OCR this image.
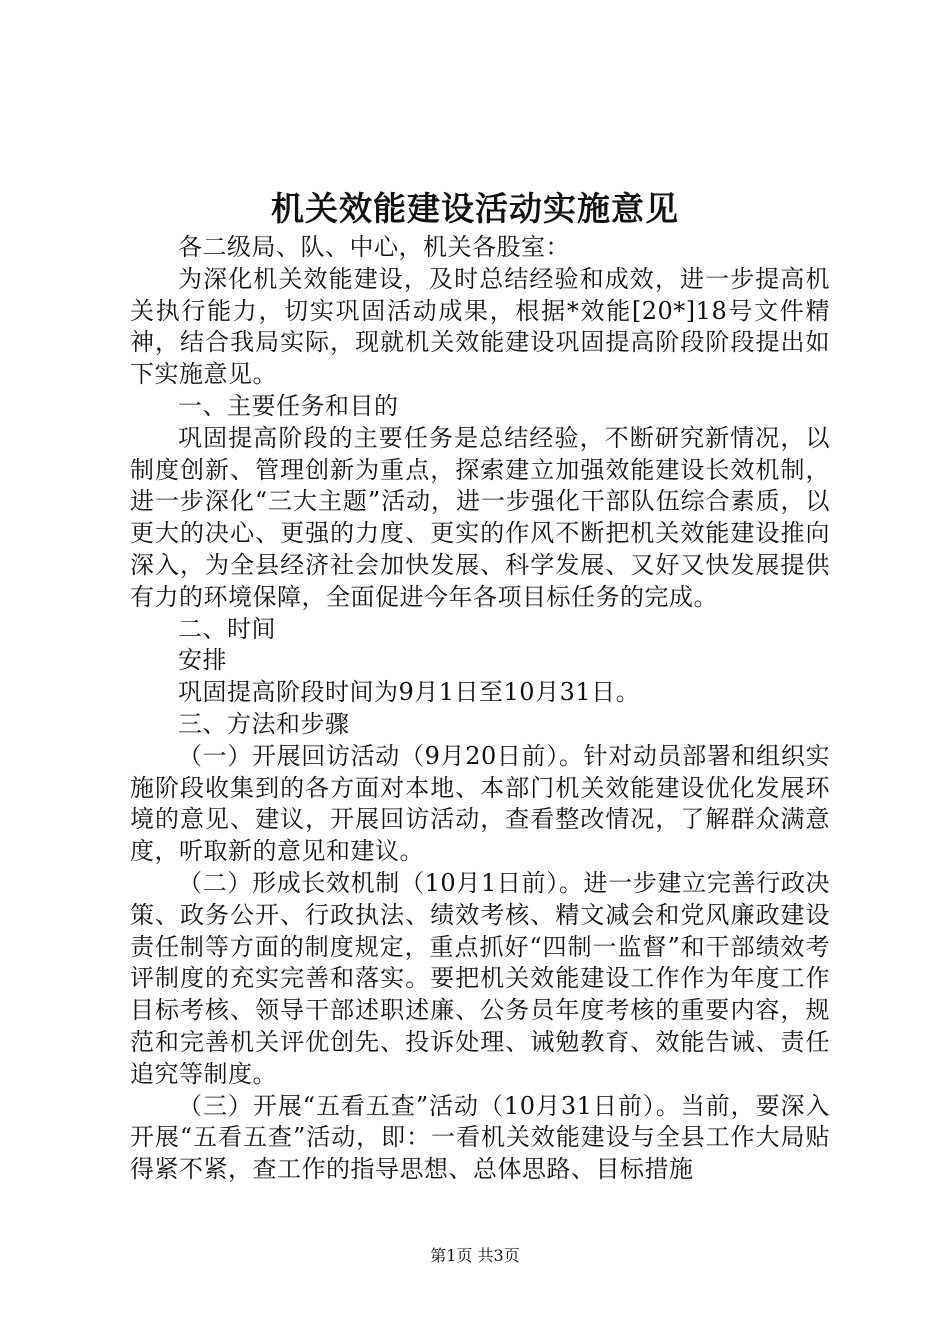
机关效能建设活动实施意见

各二级局、队、中心，机关各股室：

为深化机关效能建设，及时总结经验和成效，进一步提高机关执行能力，切实巩固活动成果，根据*效能[20*]18号文件精神，结合我局实际，现就机关效能建设巩固提高阶段阶段提出如下实施意见。

一、主要任务和目的

巩固提高阶段的主要任务是总结经验，不断研究新情况，以制度创新、管理创新为重点，探索建立加强效能建设长效机制，进一步深化“三大主题”活动，进一步强化干部队伍综合素质，以更大的决心、更强的力度、更实的作风不断把机关效能建设推向深入，为全县经济社会加快发展、科学发展、又好又快发展提供有力的环境保障，全面促进今年各项目标任务的完成。

二、时间

安排

巩固提高阶段时间为9月1日至10月31日。

三、方法和步骤

（一）开展回访活动（9月20日前）。针对动员部署和组织实施阶段收集到的各方面对本地、本部门机关效能建设优化发展环境的意见、建议，开展回访活动，查看整改情况，了解群众满意度，听取新的意见和建议。

（二）形成长效机制（10月1日前）。进一步建立完善行政决策、政务公开、行政执法、绩效考核、精文减会和党风廉政建设责任制等方面的制度规定，重点抓好“四制一监督”和干部绩效考评制度的充实完善和落实。要把机关效能建设工作作为年度工作目标考核、领导干部述职述廉、公务员年度考核的重要内容，规范和完善机关评优创先、投诉处理、诫勉教育、效能告诫、责任追究等制度。

（三）开展“五看五查”活动（10月31日前）。当前，要深入开展“五看五查”活动，即：一看机关效能建设与全县工作大局贴得紧不紧，查工作的指导思想、总体思路、目标措施

第1页 共3页
